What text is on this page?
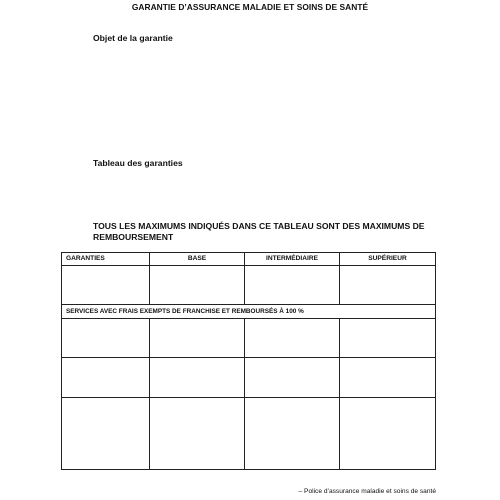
GARANTIE D’ASSURANCE MALADIE ET SOINS DE SANTÉ
Objet de la garantie
Tableau des garanties
TOUS LES MAXIMUMS INDIQUÉS DANS CE TABLEAU SONT DES MAXIMUMS DE
REMBOURSEMENT
GARANTIES	BASE	INTERMÉDIAIRE	SUPÉRIEUR

SERVICES AVEC FRAIS EXEMPTS DE FRANCHISE ET REMBOURSÉS À 100 %			

– Police d’assurance maladie et soins de santé
